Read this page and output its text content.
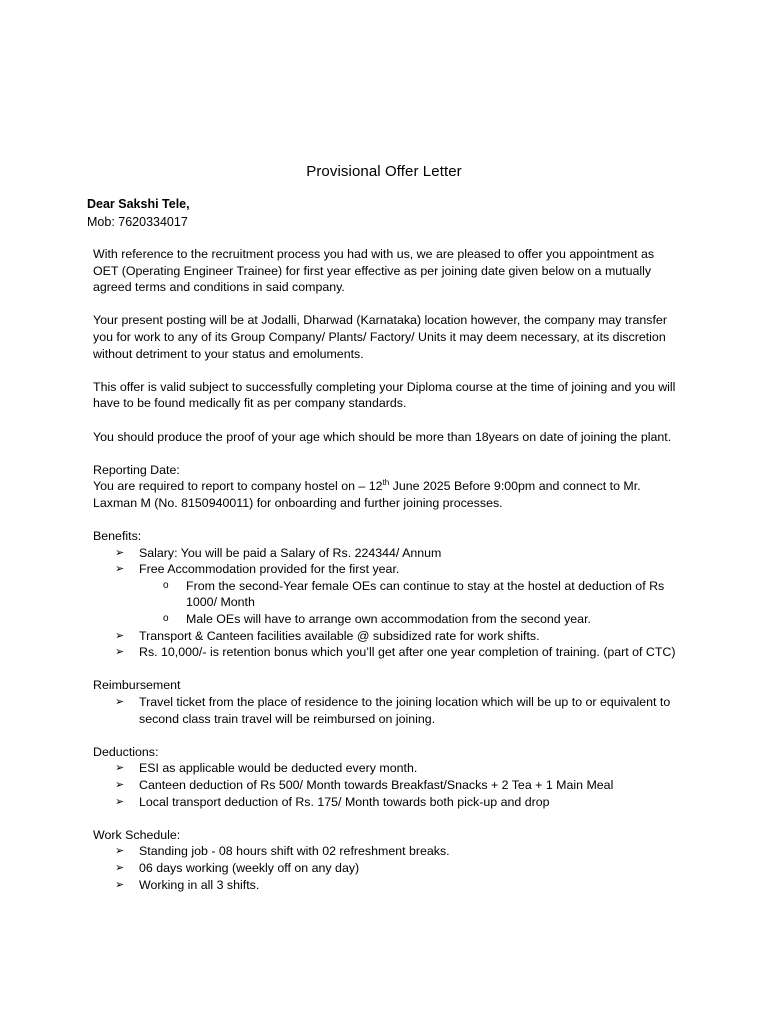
Provisional Offer Letter
Dear Sakshi Tele,
Mob: 7620334017

With reference to the recruitment process you had with us, we are pleased to offer you appointment as OET (Operating Engineer Trainee) for first year effective as per joining date given below on a mutually agreed terms and conditions in said company.

Your present posting will be at Jodalli, Dharwad (Karnataka) location however, the company may transfer you for work to any of its Group Company/ Plants/ Factory/ Units it may deem necessary, at its discretion without detriment to your status and emoluments.

This offer is valid subject to successfully completing your Diploma course at the time of joining and you will have to be found medically fit as per company standards.

You should produce the proof of your age which should be more than 18years on date of joining the plant.

Reporting Date:

You are required to report to company hostel on – 12th June 2025 Before 9:00pm and connect to Mr. Laxman M (No. 8150940011) for onboarding and further joining processes.

Benefits:

➢ Salary: You will be paid a Salary of Rs. 224344/ Annum
➢ Free Accommodation provided for the first year.
o From the second-Year female OEs can continue to stay at the hostel at deduction of Rs 1000/ Month
o Male OEs will have to arrange own accommodation from the second year.
➢ Transport & Canteen facilities available @ subsidized rate for work shifts.
➢ Rs. 10,000/- is retention bonus which you’ll get after one year completion of training. (part of CTC)

Reimbursement

➢ Travel ticket from the place of residence to the joining location which will be up to or equivalent to second class train travel will be reimbursed on joining.

Deductions:

➢ ESI as applicable would be deducted every month.
➢ Canteen deduction of Rs 500/ Month towards Breakfast/Snacks + 2 Tea + 1 Main Meal
➢ Local transport deduction of Rs. 175/ Month towards both pick-up and drop

Work Schedule:

➢ Standing job - 08 hours shift with 02 refreshment breaks.
➢ 06 days working (weekly off on any day)
➢ Working in all 3 shifts.
